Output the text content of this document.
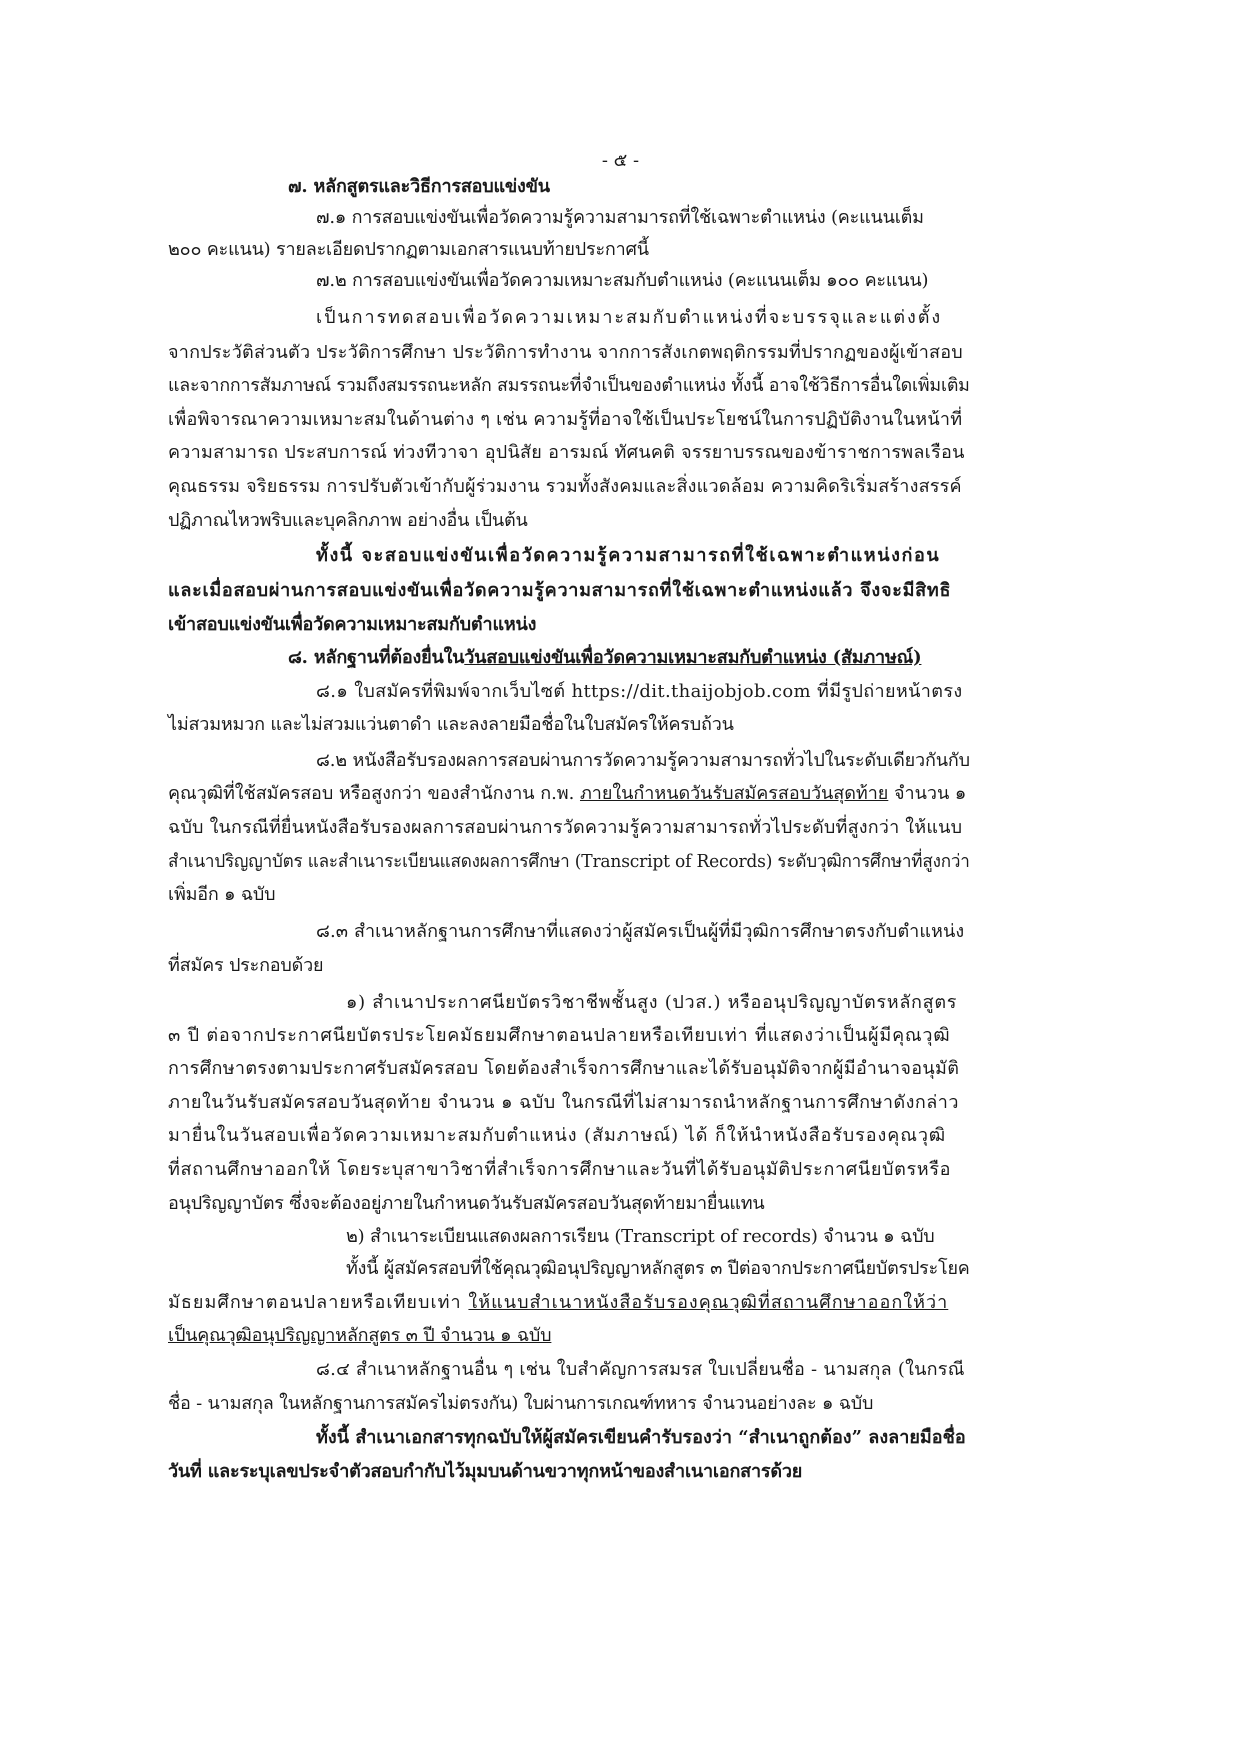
- ๕ -
๗. หลักสูตรและวิธีการสอบแข่งขัน
๗.๑ การสอบแข่งขันเพื่อวัดความรู้ความสามารถที่ใช้เฉพาะตำแหน่ง (คะแนนเต็ม
๒๐๐ คะแนน) รายละเอียดปรากฏตามเอกสารแนบท้ายประกาศนี้
๗.๒ การสอบแข่งขันเพื่อวัดความเหมาะสมกับตำแหน่ง (คะแนนเต็ม ๑๐๐ คะแนน)
เป็นการทดสอบเพื่อวัดความเหมาะสมกับตำแหน่งที่จะบรรจุและแต่งตั้ง
จากประวัติส่วนตัว ประวัติการศึกษา ประวัติการทำงาน จากการสังเกตพฤติกรรมที่ปรากฏของผู้เข้าสอบ
และจากการสัมภาษณ์ รวมถึงสมรรถนะหลัก สมรรถนะที่จำเป็นของตำแหน่ง ทั้งนี้ อาจใช้วิธีการอื่นใดเพิ่มเติม
เพื่อพิจารณาความเหมาะสมในด้านต่าง ๆ เช่น ความรู้ที่อาจใช้เป็นประโยชน์ในการปฏิบัติงานในหน้าที่
ความสามารถ ประสบการณ์ ท่วงทีวาจา อุปนิสัย อารมณ์ ทัศนคติ จรรยาบรรณของข้าราชการพลเรือน
คุณธรรม จริยธรรม การปรับตัวเข้ากับผู้ร่วมงาน รวมทั้งสังคมและสิ่งแวดล้อม ความคิดริเริ่มสร้างสรรค์
ปฏิภาณไหวพริบและบุคลิกภาพ อย่างอื่น เป็นต้น
ทั้งนี้ จะสอบแข่งขันเพื่อวัดความรู้ความสามารถที่ใช้เฉพาะตำแหน่งก่อน
และเมื่อสอบผ่านการสอบแข่งขันเพื่อวัดความรู้ความสามารถที่ใช้เฉพาะตำแหน่งแล้ว จึงจะมีสิทธิ
เข้าสอบแข่งขันเพื่อวัดความเหมาะสมกับตำแหน่ง
๘. หลักฐานที่ต้องยื่นในวันสอบแข่งขันเพื่อวัดความเหมาะสมกับตำแหน่ง (สัมภาษณ์)
๘.๑ ใบสมัครที่พิมพ์จากเว็บไซต์ https://dit.thaijobjob.com ที่มีรูปถ่ายหน้าตรง
ไม่สวมหมวก และไม่สวมแว่นตาดำ และลงลายมือชื่อในใบสมัครให้ครบถ้วน
๘.๒ หนังสือรับรองผลการสอบผ่านการวัดความรู้ความสามารถทั่วไปในระดับเดียวกันกับ
คุณวุฒิที่ใช้สมัครสอบ หรือสูงกว่า ของสำนักงาน ก.พ. ภายในกำหนดวันรับสมัครสอบวันสุดท้าย จำนวน ๑
ฉบับ ในกรณีที่ยื่นหนังสือรับรองผลการสอบผ่านการวัดความรู้ความสามารถทั่วไประดับที่สูงกว่า ให้แนบ
สำเนาปริญญาบัตร และสำเนาระเบียนแสดงผลการศึกษา (Transcript of Records) ระดับวุฒิการศึกษาที่สูงกว่า
เพิ่มอีก ๑ ฉบับ
๘.๓ สำเนาหลักฐานการศึกษาที่แสดงว่าผู้สมัครเป็นผู้ที่มีวุฒิการศึกษาตรงกับตำแหน่ง
ที่สมัคร ประกอบด้วย
๑) สำเนาประกาศนียบัตรวิชาชีพชั้นสูง (ปวส.) หรืออนุปริญญาบัตรหลักสูตร
๓ ปี ต่อจากประกาศนียบัตรประโยคมัธยมศึกษาตอนปลายหรือเทียบเท่า ที่แสดงว่าเป็นผู้มีคุณวุฒิ
การศึกษาตรงตามประกาศรับสมัครสอบ โดยต้องสำเร็จการศึกษาและได้รับอนุมัติจากผู้มีอำนาจอนุมัติ
ภายในวันรับสมัครสอบวันสุดท้าย จำนวน ๑ ฉบับ ในกรณีที่ไม่สามารถนำหลักฐานการศึกษาดังกล่าว
มายื่นในวันสอบเพื่อวัดความเหมาะสมกับตำแหน่ง (สัมภาษณ์) ได้ ก็ให้นำหนังสือรับรองคุณวุฒิ
ที่สถานศึกษาออกให้ โดยระบุสาขาวิชาที่สำเร็จการศึกษาและวันที่ได้รับอนุมัติประกาศนียบัตรหรือ
อนุปริญญาบัตร ซึ่งจะต้องอยู่ภายในกำหนดวันรับสมัครสอบวันสุดท้ายมายื่นแทน
๒) สำเนาระเบียนแสดงผลการเรียน (Transcript of records) จำนวน ๑ ฉบับ
ทั้งนี้ ผู้สมัครสอบที่ใช้คุณวุฒิอนุปริญญาหลักสูตร ๓ ปีต่อจากประกาศนียบัตรประโยค
มัธยมศึกษาตอนปลายหรือเทียบเท่า ให้แนบสำเนาหนังสือรับรองคุณวุฒิที่สถานศึกษาออกให้ว่า
เป็นคุณวุฒิอนุปริญญาหลักสูตร ๓ ปี จำนวน ๑ ฉบับ
๘.๔ สำเนาหลักฐานอื่น ๆ เช่น ใบสำคัญการสมรส ใบเปลี่ยนชื่อ - นามสกุล (ในกรณี
ชื่อ - นามสกุล ในหลักฐานการสมัครไม่ตรงกัน) ใบผ่านการเกณฑ์ทหาร จำนวนอย่างละ ๑ ฉบับ
ทั้งนี้ สำเนาเอกสารทุกฉบับให้ผู้สมัครเขียนคำรับรองว่า “สำเนาถูกต้อง” ลงลายมือชื่อ
วันที่ และระบุเลขประจำตัวสอบกำกับไว้มุมบนด้านขวาทุกหน้าของสำเนาเอกสารด้วย
